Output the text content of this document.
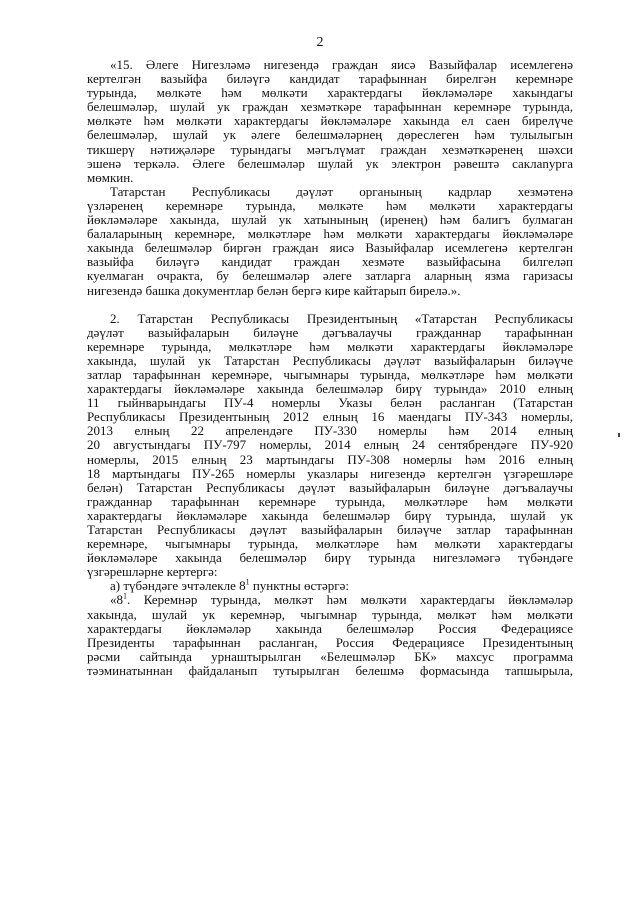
2

«15. Әлеге Нигезләмә нигезендә граждан яисә Вазыйфалар исемлегенә
кертелгән вазыйфа биләүгә кандидат тарафыннан бирелгән керемнәре
турында, мөлкәте һәм мөлкәти характердагы йөкләмәләре хакындагы
белешмәләр, шулай ук граждан хезмәткәре тарафыннан керемнәре турында,
мөлкәте һәм мөлкәти характердагы йөкләмәләре хакында ел саен бирелүче
белешмәләр, шулай ук әлеге белешмәләрнең дөреслеген һәм тулылыгын
тикшерү нәтиҗәләре турындагы мәгълүмат граждан хезмәткәренең шәхси
эшенә теркәлә. Әлеге белешмәләр шулай ук электрон рәвештә саклanyрга
мөмкин.

Татарстан Республикасы дәүләт органының кадрлар хезмәтенә
үзләренең керемнәре турында, мөлкәте һәм мөлкәти характердагы
йөкләмәләре хакында, шулай ук хатынының (иренең) һәм балигъ булмаган
балаларының керемнәре, мөлкәтләре һәм мөлкәти характердагы йөкләмәләре
хакында белешмәләр биргән граждан яисә Вазыйфалар исемлегенә кертелгән
вазыйфа биләүгә кандидат граждан хезмәте вазыйфасына билгеләп
куелмаган очракта, бу белешмәләр әлеге затларга аларның язма гаризасы
нигезендә башка документлар белән бергә кире кайтарып бирелә.».

2. Татарстан Республикасы Президентының «Татарстан Республикасы
дәүләт вазыйфаларын биләүне дәгъвалаучы гражданнар тарафыннан
керемнәре турында, мөлкәтләре һәм мөлкәти характердагы йөкләмәләре
хакында, шулай ук Татарстан Республикасы дәүләт вазыйфаларын биләүче
затлар тарафыннан керемнәре, чыгымнары турында, мөлкәтләре һәм мөлкәти
характердагы йөкләмәләре хакында белешмәләр бирү турында» 2010 елның
11 гыйнварындагы ПУ-4 номерлы Указы белән расланган (Татарстан
Республикасы Президентының 2012 елның 16 маендагы ПУ-343 номерлы,
2013 елның 22 апрелендәге ПУ-330 номерлы һәм 2014 елның
20 августындагы ПУ-797 номерлы, 2014 елның 24 сентябрендәге ПУ-920
номерлы, 2015 елның 23 мартындагы ПУ-308 номерлы һәм 2016 елның
18 мартындагы ПУ-265 номерлы указлары нигезендә кертелгән үзгәрешләре
белән) Татарстан Республикасы дәүләт вазыйфаларын биләүне дәгъвалаучы
гражданнар тарафыннан керемнәре турында, мөлкәтләре һәм мөлкәти
характердагы йөкләмәләре хакында белешмәләр бирү турында, шулай ук
Татарстан Республикасы дәүләт вазыйфаларын биләүче затлар тарафыннан
керемнәре, чыгымнары турында, мөлкәтләре һәм мөлкәти характердагы
йөкләмәләре хакында белешмәләр бирү турында нигезләмәгә түбәндәге
үзгәрешләрне кертергә:

а) түбәндәге эчтәлекле $8^1$ пунктны өстәргә:

«$8^1$. Керемнәр турында, мөлкәт һәм мөлкәти характердагы йөкләмәләр
хакында, шулай ук керемнәр, чыгымнар турында, мөлкәт һәм мөлкәти
характердагы йөкләмәләр хакында белешмәләр Россия Федерациясе
Президенты тарафыннан расланган, Россия Федерациясе Президентының
рәсми сайтында урнаштырылган «Белешмәләр БК» махсус программа
тәэминатыннан файдаланып тутырылган белешмә формасында тапшырыла,
